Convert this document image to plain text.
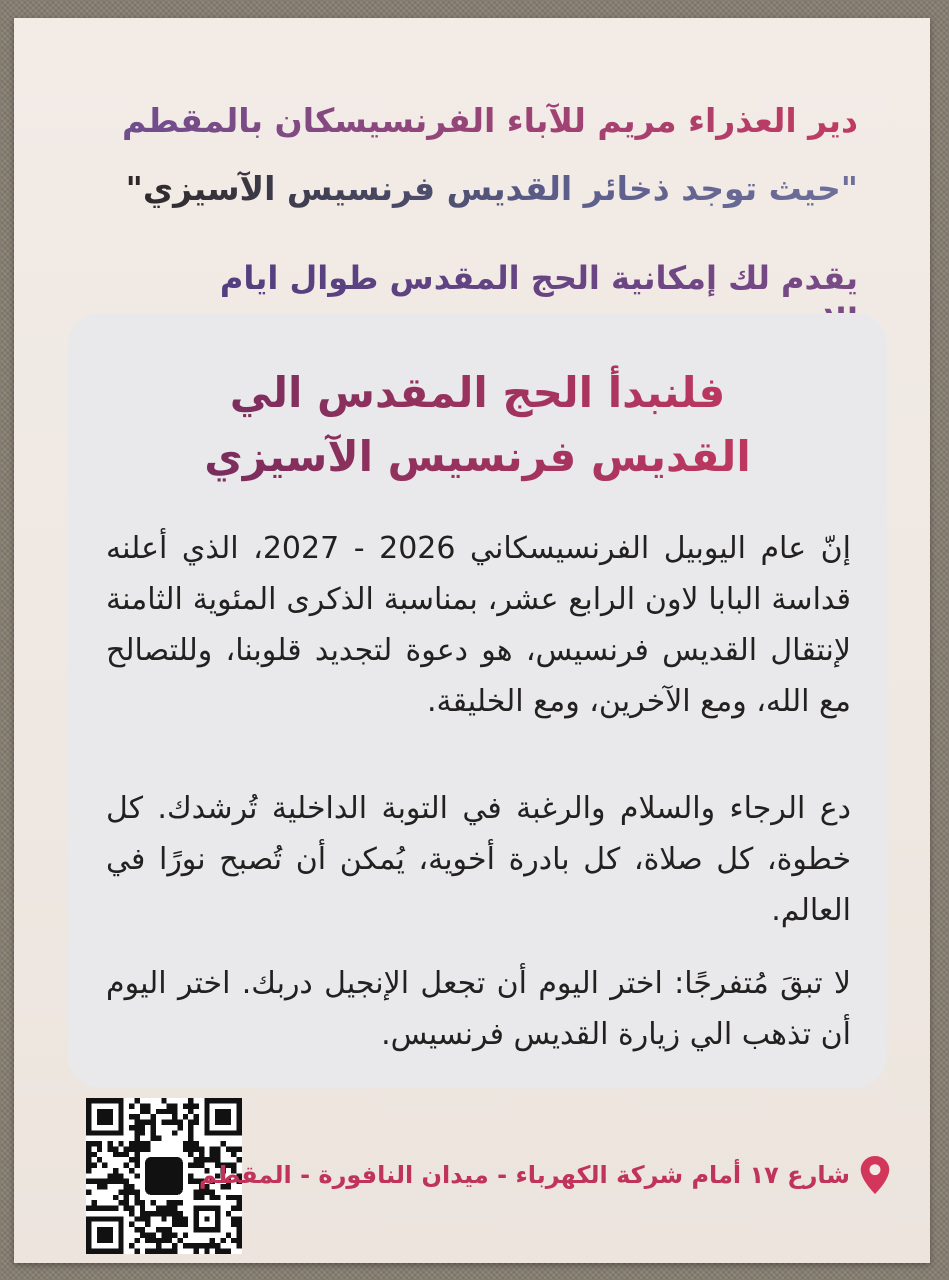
دير العذراء مريم للآباء الفرنسيسكان بالمقطم
"حيث توجد ذخائر القديس فرنسيس الآسيزي"
يقدم لك إمكانية الحج المقدس طوال ايام
فلنبدأ الحج المقدس الي
القديس فرنسيس الآسيزي
إنّ عام اليوبيل الفرنسيسكاني 2026 - 2027، الذي أعلنه قداسة البابا لاون الرابع عشر، بمناسبة الذكرى المئوية الثامنة لإنتقال القديس فرنسيس، هو دعوة لتجديد قلوبنا، وللتصالح مع الله، ومع الآخرين، ومع الخليقة.
دع الرجاء والسلام والرغبة في التوبة الداخلية تُرشدك. كل خطوة، كل صلاة، كل بادرة أخوية، يُمكن أن تُصبح نورًا في العالم.
لا تبقَ مُتفرجًا: اختر اليوم أن تجعل الإنجيل دربك. اختر اليوم أن تذهب الي زيارة القديس فرنسيس.
شارع ١٧ أمام شركة الكهرباء - ميدان النافورة - المقطم
